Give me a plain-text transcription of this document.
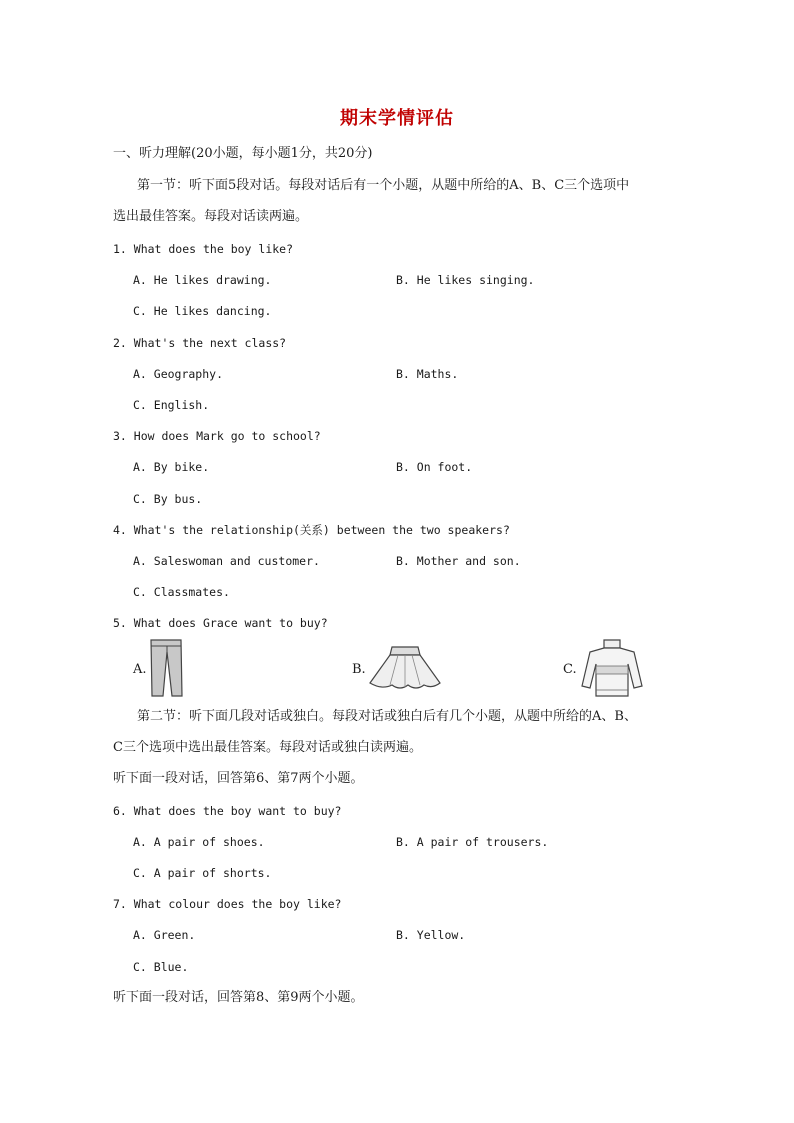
期末学情评估
一、听力理解(20小题，每小题1分，共20分)
第一节：听下面5段对话。每段对话后有一个小题，从题中所给的A、B、C三个选项中
选出最佳答案。每段对话读两遍。
1. What does the boy like?
A. He likes drawing.	B. He likes singing.
C. He likes dancing.
2. What's the next class?
A. Geography.	B. Maths.
C. English.
3. How does Mark go to school?
A. By bike.	B. On foot.
C. By bus.
4. What's the relationship(关系) between the two speakers?
A. Saleswoman and customer.	B. Mother and son.
C. Classmates.
5. What does Grace want to buy?
A.	B.	C.
第二节：听下面几段对话或独白。每段对话或独白后有几个小题，从题中所给的A、B、
C三个选项中选出最佳答案。每段对话或独白读两遍。
听下面一段对话，回答第6、第7两个小题。
6. What does the boy want to buy?
A. A pair of shoes.	B. A pair of trousers.
C. A pair of shorts.
7. What colour does the boy like?
A. Green.	B. Yellow.
C. Blue.
听下面一段对话，回答第8、第9两个小题。
